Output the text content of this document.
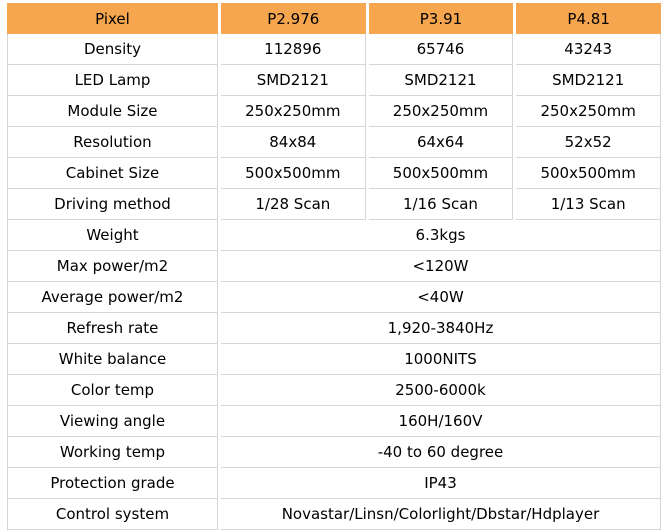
Pixel	P2.976	P3.91	P4.81
Density	112896	65746	43243
LED Lamp	SMD2121	SMD2121	SMD2121
Module Size	250x250mm	250x250mm	250x250mm
Resolution	84x84	64x64	52x52
Cabinet Size	500x500mm	500x500mm	500x500mm
Driving method	1/28 Scan	1/16 Scan	1/13 Scan
Weight	6.3kgs		
Max power/m2	<120W		
Average power/m2	<40W		
Refresh rate	1,920-3840Hz		
White balance	1000NITS		
Color temp	2500-6000k		
Viewing angle	160H/160V		
Working temp	-40 to 60 degree		
Protection grade	IP43		
Control system	Novastar/Linsn/Colorlight/Dbstar/Hdplayer		
